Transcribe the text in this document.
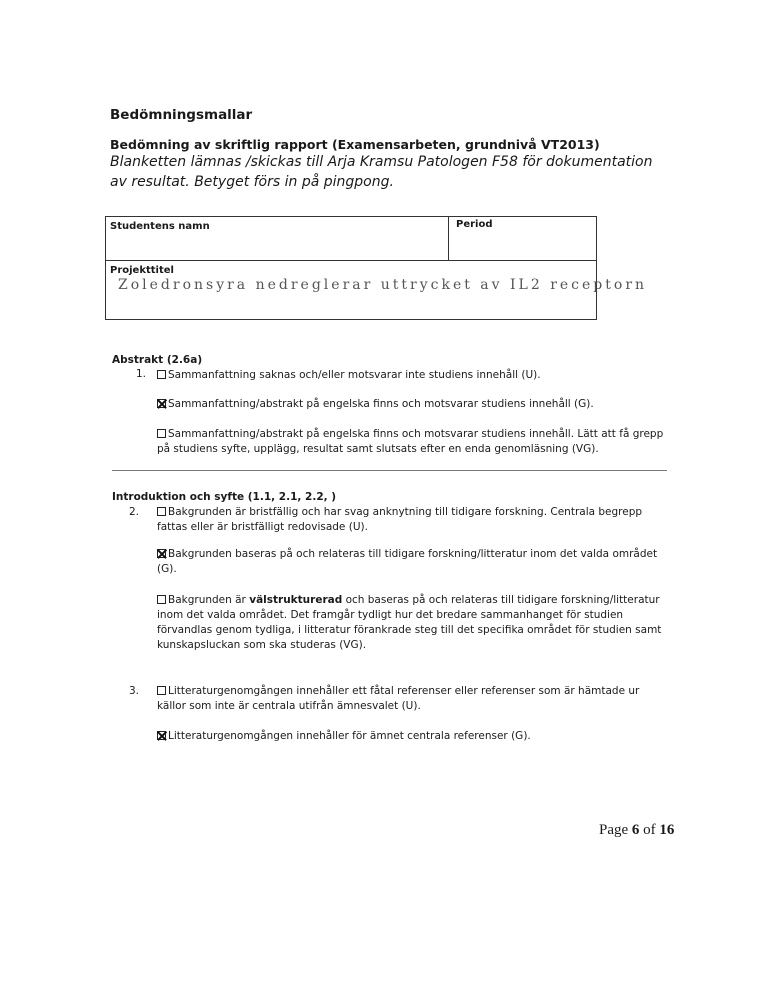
Bedömningsmallar
Bedömning av skriftlig rapport (Examensarbeten, grundnivå VT2013)
Blanketten lämnas /skickas till Arja Kramsu Patologen F58 för dokumentation av resultat. Betyget förs in på pingpong.
Studentens namn	Period
Projekttitel
Zoledronsyra nedreglerar uttrycket av IL2 receptorn
Abstrakt (2.6a)
1.	Sammanfattning saknas och/eller motsvarar inte studiens innehåll (U).
Sammanfattning/abstrakt på engelska finns och motsvarar studiens innehåll (G).
Sammanfattning/abstrakt på engelska finns och motsvarar studiens innehåll. Lätt att få grepp på studiens syfte, upplägg, resultat samt slutsats efter en enda genomläsning (VG).
Introduktion och syfte (1.1, 2.1, 2.2, )
2.	Bakgrunden är bristfällig och har svag anknytning till tidigare forskning. Centrala begrepp fattas eller är bristfälligt redovisade (U).
Bakgrunden baseras på och relateras till tidigare forskning/litteratur inom det valda området (G).
Bakgrunden är välstrukturerad och baseras på och relateras till tidigare forskning/litteratur inom det valda området. Det framgår tydligt hur det bredare sammanhanget för studien förvandlas genom tydliga, i litteratur förankrade steg till det specifika området för studien samt kunskapsluckan som ska studeras (VG).
3.	Litteraturgenomgången innehåller ett fåtal referenser eller referenser som är hämtade ur källor som inte är centrala utifrån ämnesvalet (U).
Litteraturgenomgången innehåller för ämnet centrala referenser (G).
Page 6 of 16
